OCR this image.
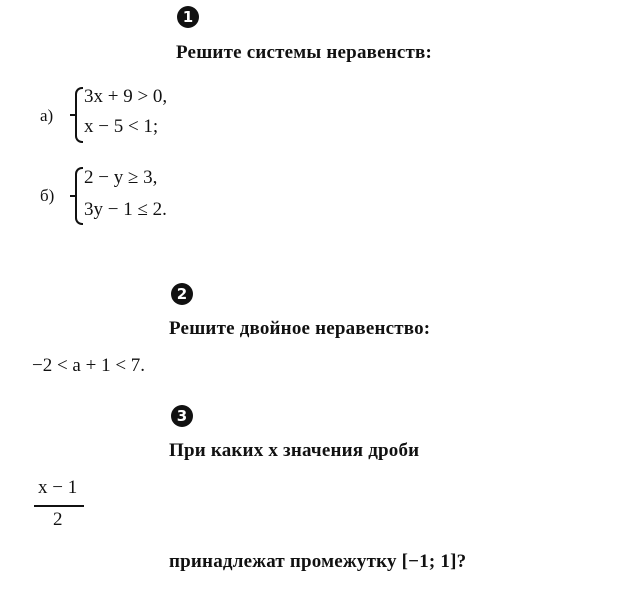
1
Решите системы неравенств:
а)
3x + 9 > 0,
x − 5 < 1;
б)
2 − y ≥ 3,
3y − 1 ≤ 2.
2
Решите двойное неравенство:
−2 < a + 1 < 7.
3
При каких x значения дроби
x − 1
2
принадлежат промежутку [−1; 1]?
